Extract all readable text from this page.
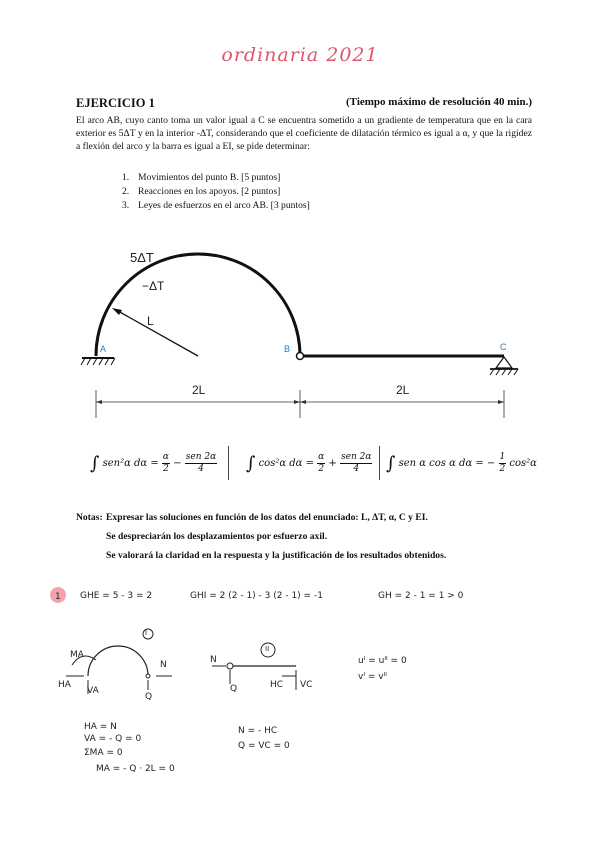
ordinaria 2021
EJERCICIO 1	(Tiempo máximo de resolución 40 min.)
El arco AB, cuyo canto toma un valor igual a C se encuentra sometido a un gradiente de temperatura que en la cara exterior es 5ΔT y en la interior -ΔT, considerando que el coeficiente de dilatación térmico es igual a α, y que la rigidez a flexión del arco y la barra es igual a EI, se pide determinar:
1. Movimientos del punto B. [5 puntos]
2. Reacciones en los apoyos. [2 puntos]
3. Leyes de esfuerzos en el arco AB. [3 puntos]
5ΔT
−ΔT
L
A	B	C
2L	2L
∫ sen²α $d\alpha = \frac{\alpha}{2} - \frac{\text{sen 2α}}{4}$ ∫ cos²α $d\alpha = \frac{\alpha}{2} + \frac{\text{sen 2α}}{4}$ ∫ sen α cos α dα = − $\frac{1}{2} \cos^2\alpha$
Notas: Expresar las soluciones en función de los datos del enunciado: L, ΔT, α, C y EI.
Se despreciarán los desplazamientos por esfuerzo axil.
Se valorará la claridad en la respuesta y la justificación de los resultados obtenidos.
1 GHE = 5 - 3 = 2	GHI = 2 (2 - 1) - 3 (2 - 1) = -1	GH = 2 - 1 = 1 > 0
I
II
MA
HA
VA
N
Q
N
Q	HC VC
uᴵ = uᴵᴵ = 0
vᴵ = vᴵᴵ
HA = N
VA = - Q = 0
ΣMA = 0
MA = - Q · 2L = 0
N = - HC
Q = VC = 0
